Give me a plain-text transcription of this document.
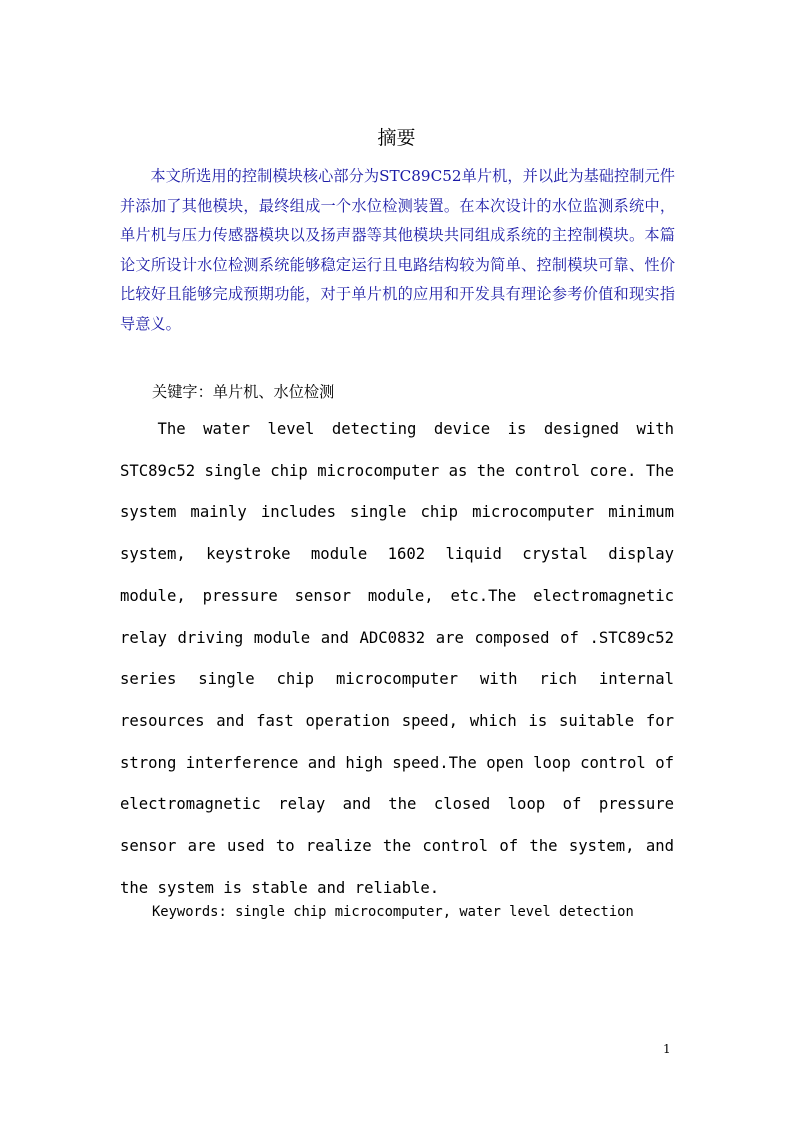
摘要

本文所选用的控制模块核心部分为STC89C52单片机，并以此为基础控制元件并添加了其他模块，最终组成一个水位检测装置。在本次设计的水位监测系统中，单片机与压力传感器模块以及扬声器等其他模块共同组成系统的主控制模块。本篇论文所设计水位检测系统能够稳定运行且电路结构较为简单、控制模块可靠、性价比较好且能够完成预期功能，对于单片机的应用和开发具有理论参考价值和现实指导意义。

关键字：单片机、水位检测

The water level detecting device is designed with STC89c52 single chip microcomputer as the control core. The system mainly includes single chip microcomputer minimum system, keystroke module 1602 liquid crystal display module, pressure sensor module, etc.The electromagnetic relay driving module and ADC0832 are composed of .STC89c52 series single chip microcomputer with rich internal resources and fast operation speed, which is suitable for strong interference and high speed.The open loop control of electromagnetic relay and the closed loop of pressure sensor are used to realize the control of the system, and the system is stable and reliable.

Keywords: single chip microcomputer, water level detection

1
